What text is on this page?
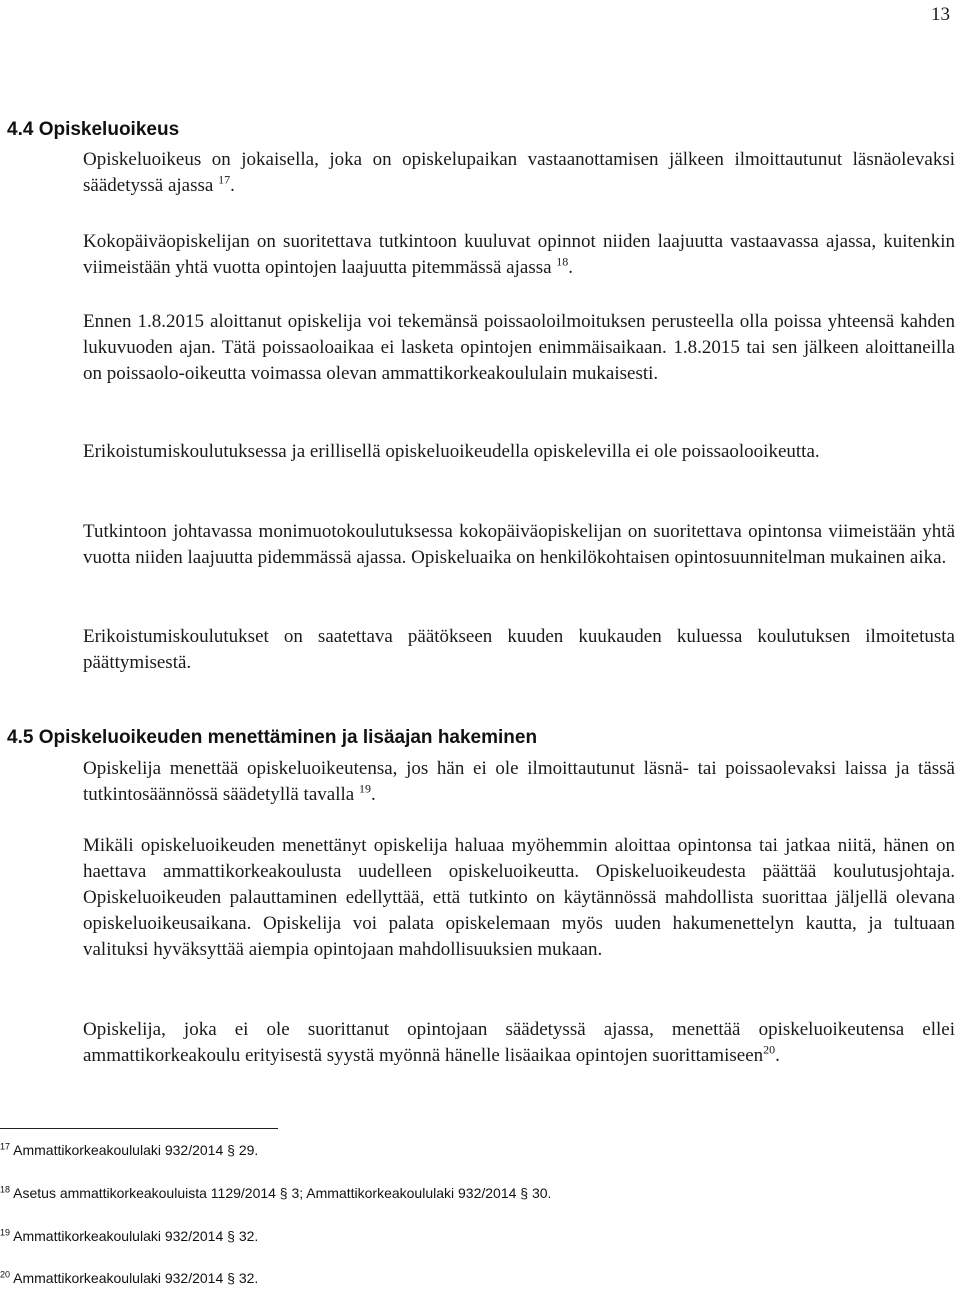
13
4.4 Opiskeluoikeus

Opiskeluoikeus on jokaisella, joka on opiskelupaikan vastaanottamisen jälkeen ilmoittautunut läsnäolevaksi säädetyssä ajassa $^{17}$.

Kokopäiväopiskelijan on suoritettava tutkintoon kuuluvat opinnot niiden laajuutta vastaavassa ajassa, kuitenkin viimeistään yhtä vuotta opintojen laajuutta pitemmässä ajassa $^{18}$.

Ennen 1.8.2015 aloittanut opiskelija voi tekemänsä poissaoloilmoituksen perusteella olla poissa yhteensä kahden lukuvuoden ajan. Tätä poissaoloaikaa ei lasketa opintojen enimmäisaikaan. 1.8.2015 tai sen jälkeen aloittaneilla on poissaolo-oikeutta voimassa olevan ammattikorkeakoululain mukaisesti.

Erikoistumiskoulutuksessa ja erillisellä opiskeluoikeudella opiskelevilla ei ole poissaolooikeutta.

Tutkintoon johtavassa monimuotokoulutuksessa kokopäiväopiskelijan on suoritettava opintonsa viimeistään yhtä vuotta niiden laajuutta pidemmässä ajassa. Opiskeluaika on henkilökohtaisen opintosuunnitelman mukainen aika.

Erikoistumiskoulutukset on saatettava päätökseen kuuden kuukauden kuluessa koulutuksen ilmoitetusta päättymisestä.

4.5 Opiskeluoikeuden menettäminen ja lisäajan hakeminen

Opiskelija menettää opiskeluoikeutensa, jos hän ei ole ilmoittautunut läsnä- tai poissaolevaksi laissa ja tässä tutkintosäännössä säädetyllä tavalla $^{19}$.

Mikäli opiskeluoikeuden menettänyt opiskelija haluaa myöhemmin aloittaa opintonsa tai jatkaa niitä, hänen on haettava ammattikorkeakoulusta uudelleen opiskeluoikeutta. Opiskeluoikeudesta päättää koulutusjohtaja. Opiskeluoikeuden palauttaminen edellyttää, että tutkinto on käytännössä mahdollista suorittaa jäljellä olevana opiskeluoikeusaikana. Opiskelija voi palata opiskelemaan myös uuden hakumenettelyn kautta, ja tultuaan valituksi hyväksyttää aiempia opintojaan mahdollisuuksien mukaan.

Opiskelija, joka ei ole suorittanut opintojaan säädetyssä ajassa, menettää opiskeluoikeutensa ellei ammattikorkeakoulu erityisestä syystä myönnä hänelle lisäaikaa opintojen suorittamiseen$^{20}$.

$^{17}$ Ammattikorkeakoululaki 932/2014 § 29.

$^{18}$ Asetus ammattikorkeakouluista 1129/2014 § 3; Ammattikorkeakoululaki 932/2014 § 30.

$^{19}$ Ammattikorkeakoululaki 932/2014 § 32.

$^{20}$ Ammattikorkeakoululaki 932/2014 § 32.
